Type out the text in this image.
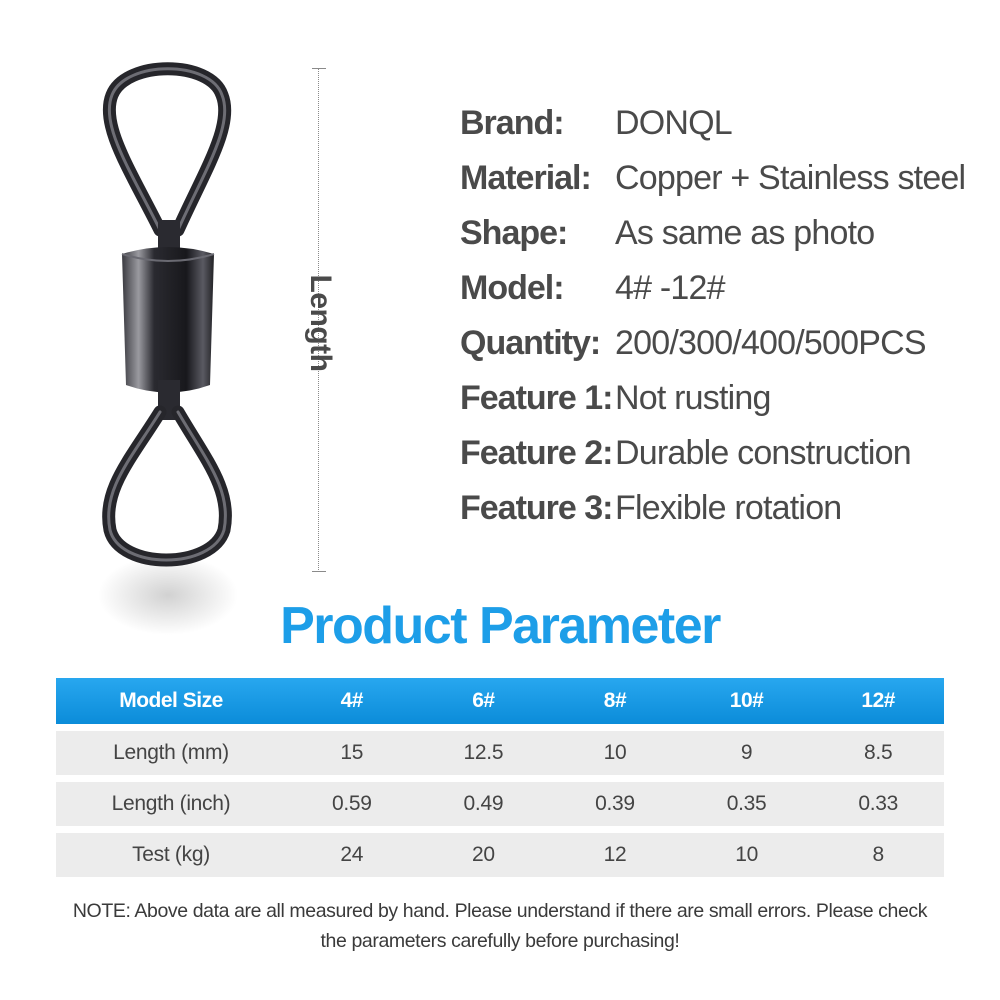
Length
Brand:	DONQL
Material: Copper + Stainless steel
Shape:	As same as photo
Model:	4# -12#
Quantity: 200/300/400/500PCS
Feature 1: Not rusting
Feature 2: Durable construction
Feature 3: Flexible rotation
Product Parameter
Model Size	4#	6#	8#	10#	12#
Length (mm)	15	12.5	10	9	8.5
Length (inch)	0.59	0.49	0.39	0.35	0.33
Test (kg)	24	20	12	10	8
NOTE: Above data are all measured by hand. Please understand if there are small errors. Please check
the parameters carefully before purchasing!
